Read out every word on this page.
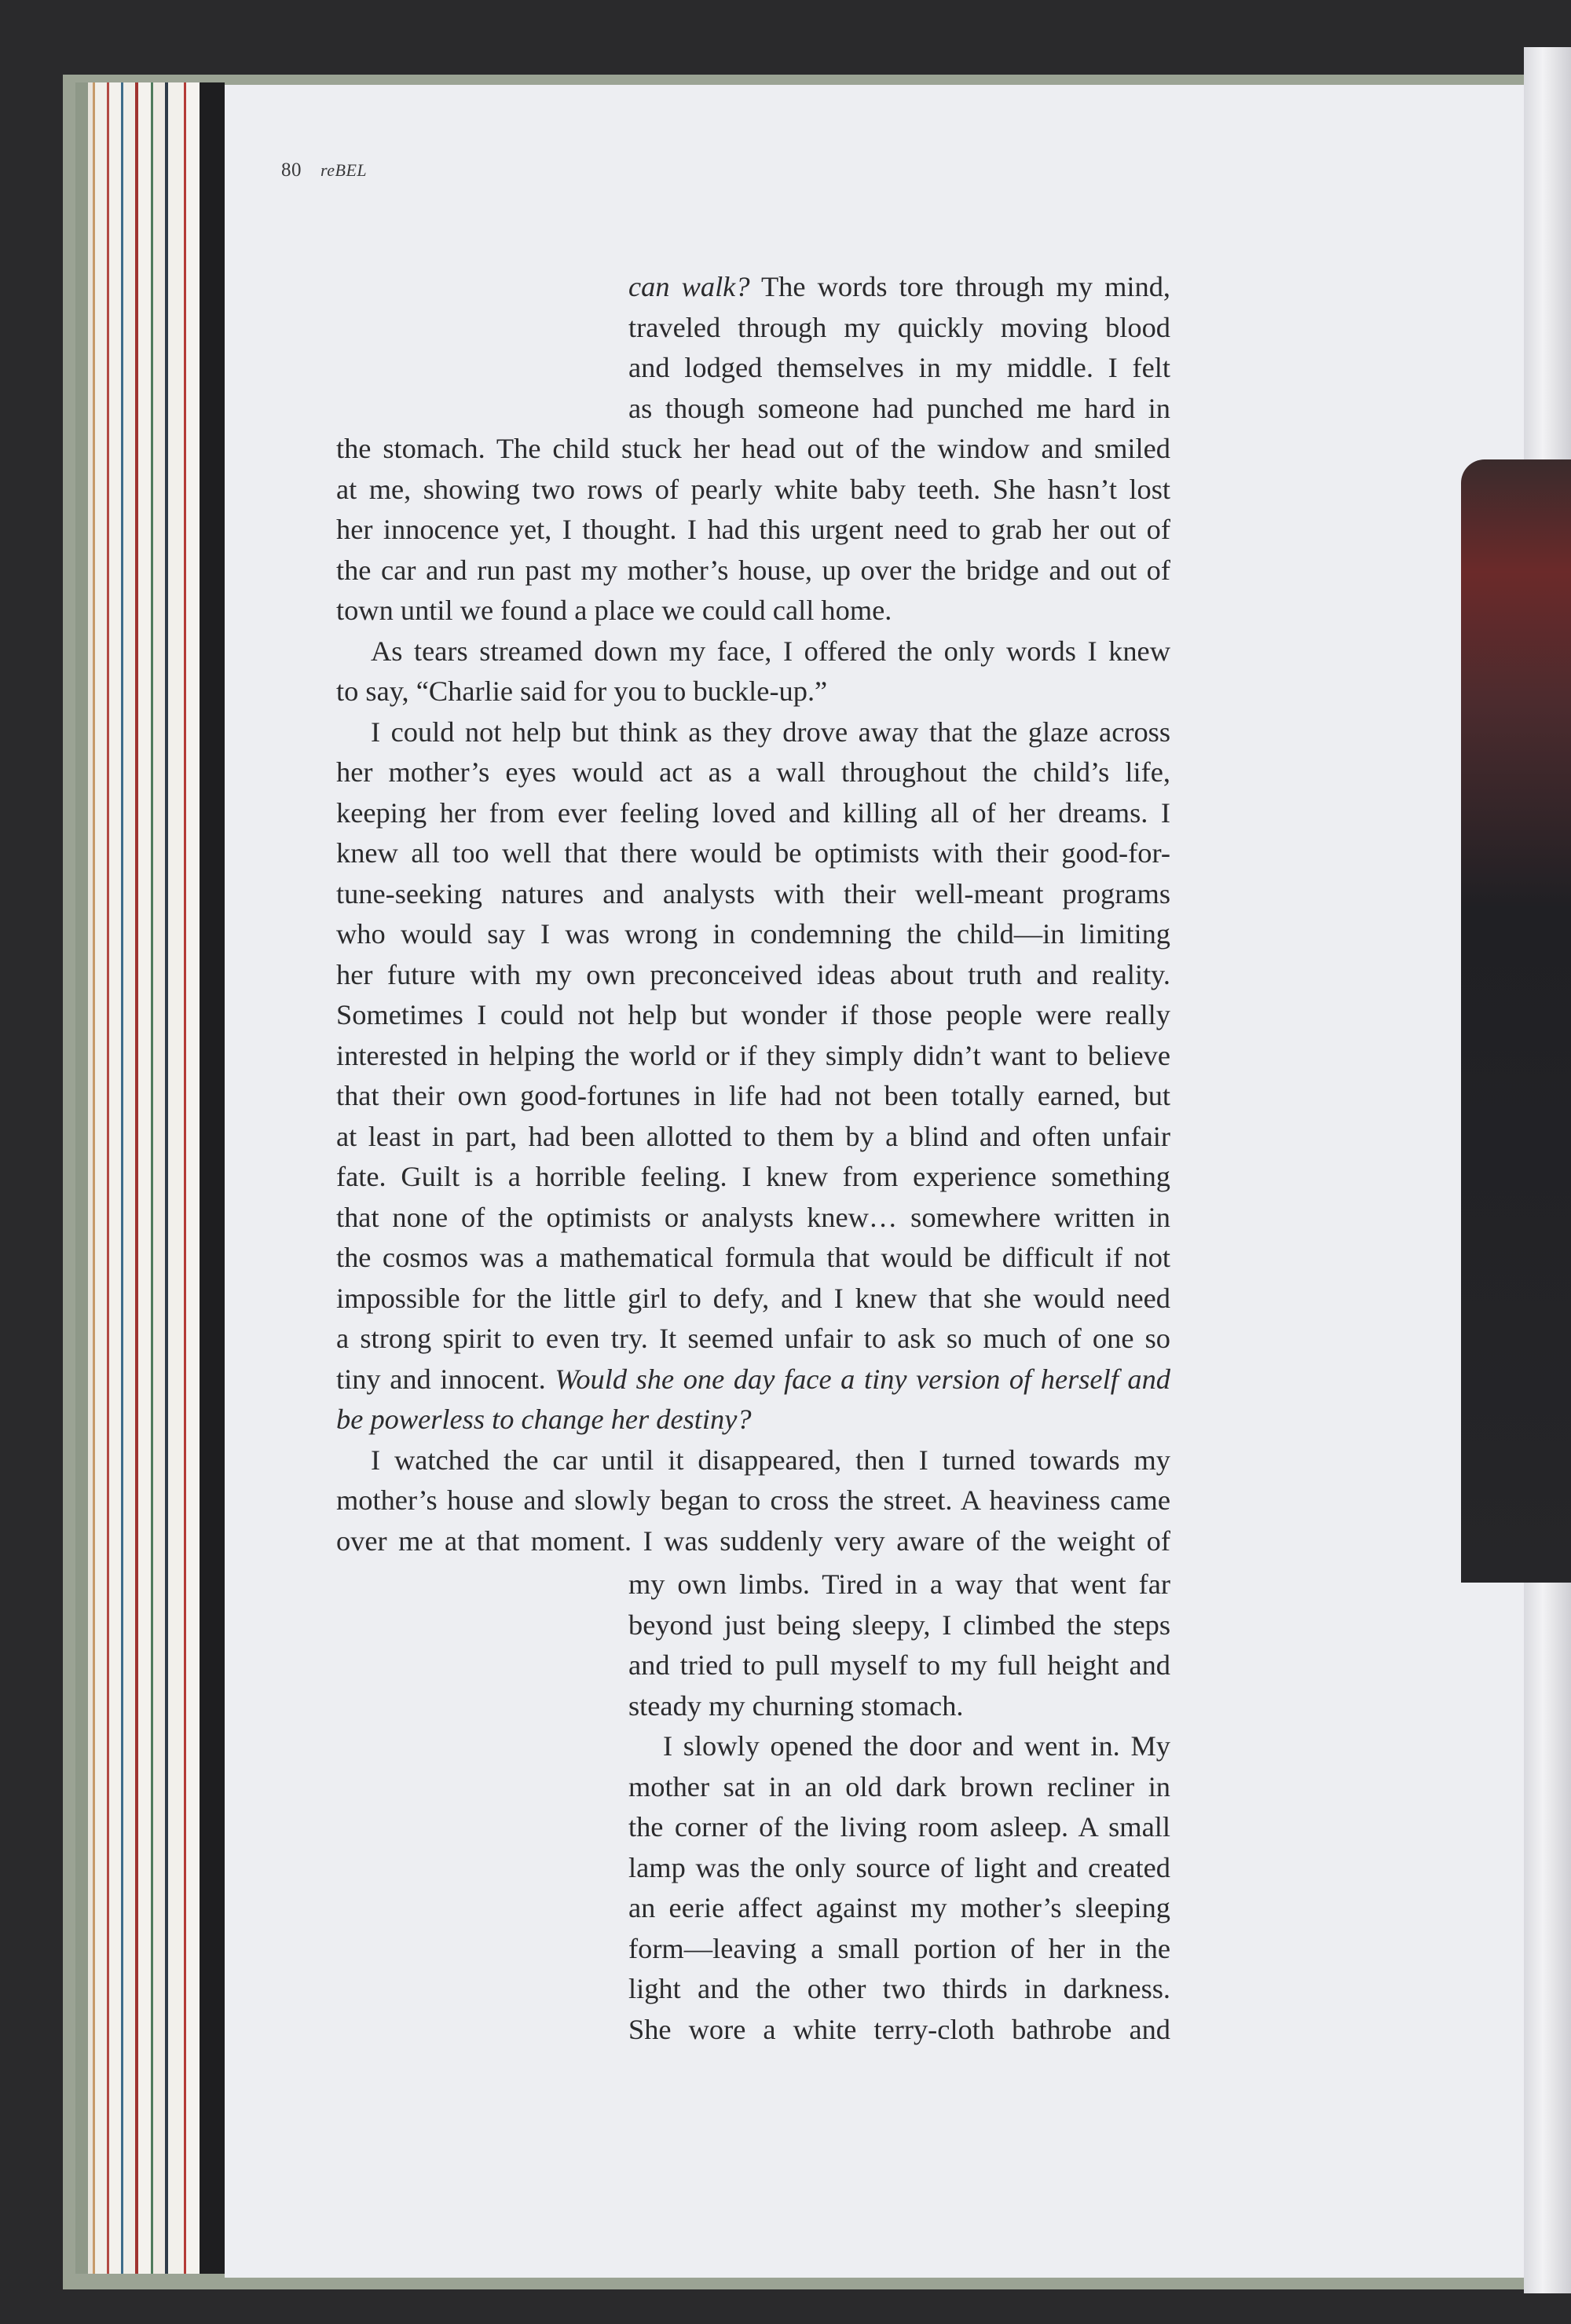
80 reBEL
can walk? The words tore through my mind,
traveled through my quickly moving blood
and lodged themselves in my middle. I felt
as though someone had punched me hard in
the stomach. The child stuck her head out of the window and smiled
at me, showing two rows of pearly white baby teeth. She hasn’t lost
her innocence yet, I thought. I had this urgent need to grab her out of
the car and run past my mother’s house, up over the bridge and out of
town until we found a place we could call home.
As tears streamed down my face, I offered the only words I knew
to say, “Charlie said for you to buckle-up.”
I could not help but think as they drove away that the glaze across
her mother’s eyes would act as a wall throughout the child’s life,
keeping her from ever feeling loved and killing all of her dreams. I
knew all too well that there would be optimists with their good-for-
tune-seeking natures and analysts with their well-meant programs
who would say I was wrong in condemning the child—in limiting
her future with my own preconceived ideas about truth and reality.
Sometimes I could not help but wonder if those people were really
interested in helping the world or if they simply didn’t want to believe
that their own good-fortunes in life had not been totally earned, but
at least in part, had been allotted to them by a blind and often unfair
fate. Guilt is a horrible feeling. I knew from experience something
that none of the optimists or analysts knew… somewhere written in
the cosmos was a mathematical formula that would be difficult if not
impossible for the little girl to defy, and I knew that she would need
a strong spirit to even try. It seemed unfair to ask so much of one so
tiny and innocent. Would she one day face a tiny version of herself and
be powerless to change her destiny?
I watched the car until it disappeared, then I turned towards my
mother’s house and slowly began to cross the street. A heaviness came
over me at that moment. I was suddenly very aware of the weight of
my own limbs. Tired in a way that went far
beyond just being sleepy, I climbed the steps
and tried to pull myself to my full height and
steady my churning stomach.
I slowly opened the door and went in. My
mother sat in an old dark brown recliner in
the corner of the living room asleep. A small
lamp was the only source of light and created
an eerie affect against my mother’s sleeping
form—leaving a small portion of her in the
light and the other two thirds in darkness.
She wore a white terry-cloth bathrobe and
